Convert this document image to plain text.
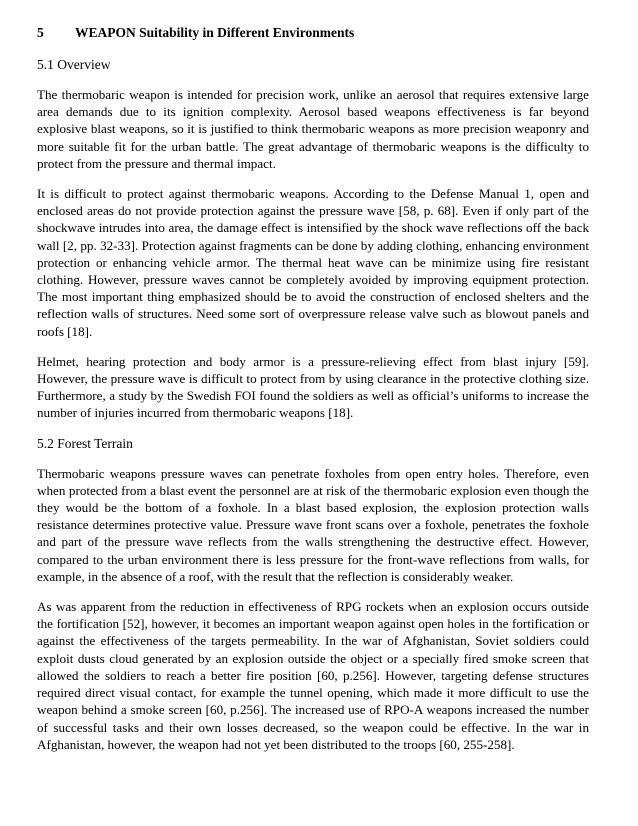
5	WEAPON Suitability in Different Environments
5.1 Overview

The thermobaric weapon is intended for precision work, unlike an aerosol that requires extensive large area demands due to its ignition complexity. Aerosol based weapons effectiveness is far beyond explosive blast weapons, so it is justified to think thermobaric weapons as more precision weaponry and more suitable fit for the urban battle. The great advantage of thermobaric weapons is the difficulty to protect from the pressure and thermal impact.

It is difficult to protect against thermobaric weapons. According to the Defense Manual 1, open and enclosed areas do not provide protection against the pressure wave [58, p. 68]. Even if only part of the shockwave intrudes into area, the damage effect is intensified by the shock wave reflections off the back wall [2, pp. 32-33]. Protection against fragments can be done by adding clothing, enhancing environment protection or enhancing vehicle armor. The thermal heat wave can be minimize using fire resistant clothing. However, pressure waves cannot be completely avoided by improving equipment protection. The most important thing emphasized should be to avoid the construction of enclosed shelters and the reflection walls of structures. Need some sort of overpressure release valve such as blowout panels and roofs [18].

Helmet, hearing protection and body armor is a pressure-relieving effect from blast injury [59]. However, the pressure wave is difficult to protect from by using clearance in the protective clothing size. Furthermore, a study by the Swedish FOI found the soldiers as well as official’s uniforms to increase the number of injuries incurred from thermobaric weapons [18].

5.2 Forest Terrain

Thermobaric weapons pressure waves can penetrate foxholes from open entry holes. Therefore, even when protected from a blast event the personnel are at risk of the thermobaric explosion even though the they would be the bottom of a foxhole. In a blast based explosion, the explosion protection walls resistance determines protective value. Pressure wave front scans over a foxhole, penetrates the foxhole and part of the pressure wave reflects from the walls strengthening the destructive effect. However, compared to the urban environment there is less pressure for the front-wave reflections from walls, for example, in the absence of a roof, with the result that the reflection is considerably weaker.

As was apparent from the reduction in effectiveness of RPG rockets when an explosion occurs outside the fortification [52], however, it becomes an important weapon against open holes in the fortification or against the effectiveness of the targets permeability. In the war of Afghanistan, Soviet soldiers could exploit dusts cloud generated by an explosion outside the object or a specially fired smoke screen that allowed the soldiers to reach a better fire position [60, p.256]. However, targeting defense structures required direct visual contact, for example the tunnel opening, which made it more difficult to use the weapon behind a smoke screen [60, p.256]. The increased use of RPO-A weapons increased the number of successful tasks and their own losses decreased, so the weapon could be effective. In the war in Afghanistan, however, the weapon had not yet been distributed to the troops [60, 255-258].
